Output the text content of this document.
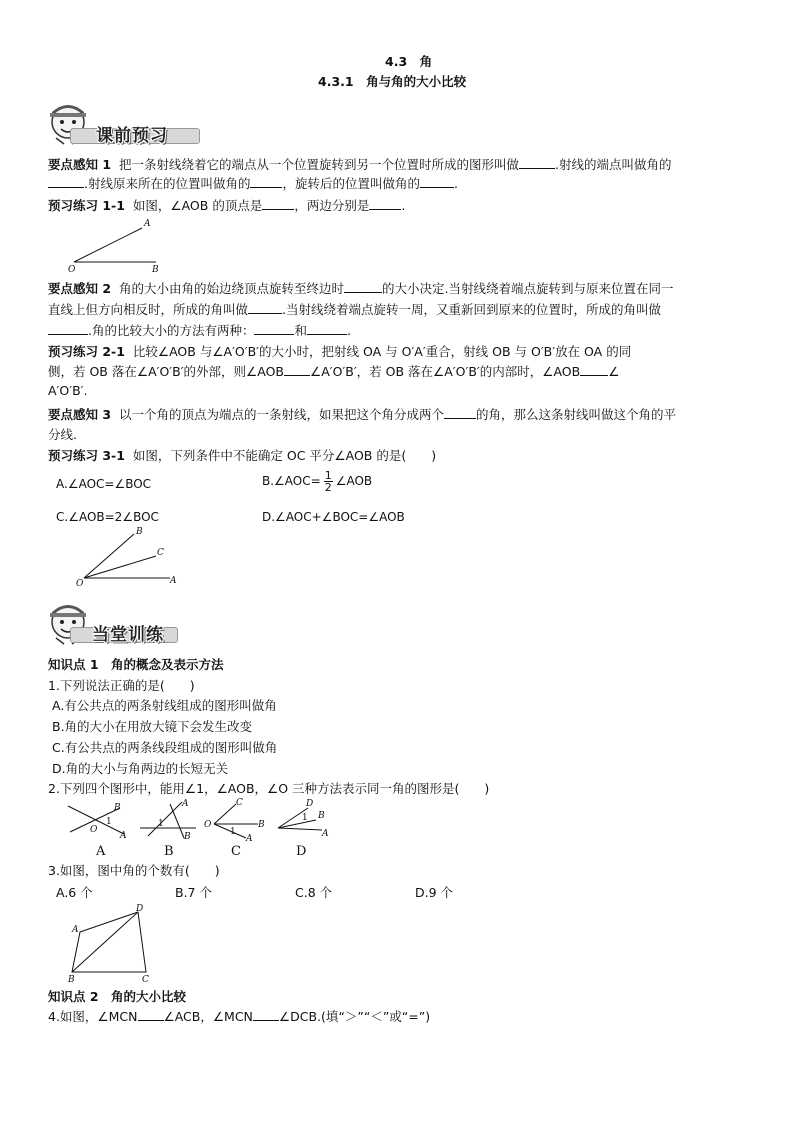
4.3　角
4.3.1　角与角的大小比较
课前预习
要点感知 1 把一条射线绕着它的端点从一个位置旋转到另一个位置时所成的图形叫做	.射线的端点叫做角的
.射线原来所在的位置叫做角的	，旋转后的位置叫做角的	.
预习练习 1-1 如图，∠AOB 的顶点是	，两边分别是	.
A
O	B
要点感知 2 角的大小由角的始边绕顶点旋转至终边时	的大小决定.当射线绕着端点旋转到与原来位置在同一
直线上但方向相反时，所成的角叫做	.当射线绕着端点旋转一周，又重新回到原来的位置时，所成的角叫做
.角的比较大小的方法有两种：	和	.
预习练习 2-1 比较∠AOB 与∠A′O′B′的大小时，把射线 OA 与 O′A′重合，射线 OB 与 O′B′放在 OA 的同
侧，若 OB 落在∠A′O′B′的外部，则∠AOB ∠A′O′B′，若 OB 落在∠A′O′B′的内部时，∠AOB ∠
A′O′B′.
要点感知 3 以一个角的顶点为端点的一条射线，如果把这个角分成两个	的角，那么这条射线叫做这个角的平
分线.
预习练习 3-1 如图，下列条件中不能确定 OC 平分∠AOB 的是(　　)
A.∠AOC=∠BOC	B.∠AOC= $\frac{1}{2}$ ∠AOB
C.∠AOB=2∠BOC	D.∠AOC+∠BOC=∠AOB
B
C
O	A
当堂训练
知识点 1　角的概念及表示方法
1.下列说法正确的是(　　)
A.有公共点的两条射线组成的图形叫做角
B.角的大小在用放大镜下会发生改变
C.有公共点的两条线段组成的图形叫做角
D.角的大小与角两边的长短无关
2.下列四个图形中，能用∠1，∠AOB，∠O 三种方法表示同一角的图形是(　　)
B
O
1
A
A
1
B
C
O
1
B
A
D
1 B
A
A	B	C	D
3.如图，图中角的个数有(　　)
A.6 个	B.7 个	C.8 个	D.9 个
D
A
B	C
知识点 2　角的大小比较
4.如图，∠MCN ∠ACB，∠MCN ∠DCB.(填“＞”“＜”或“=”)
